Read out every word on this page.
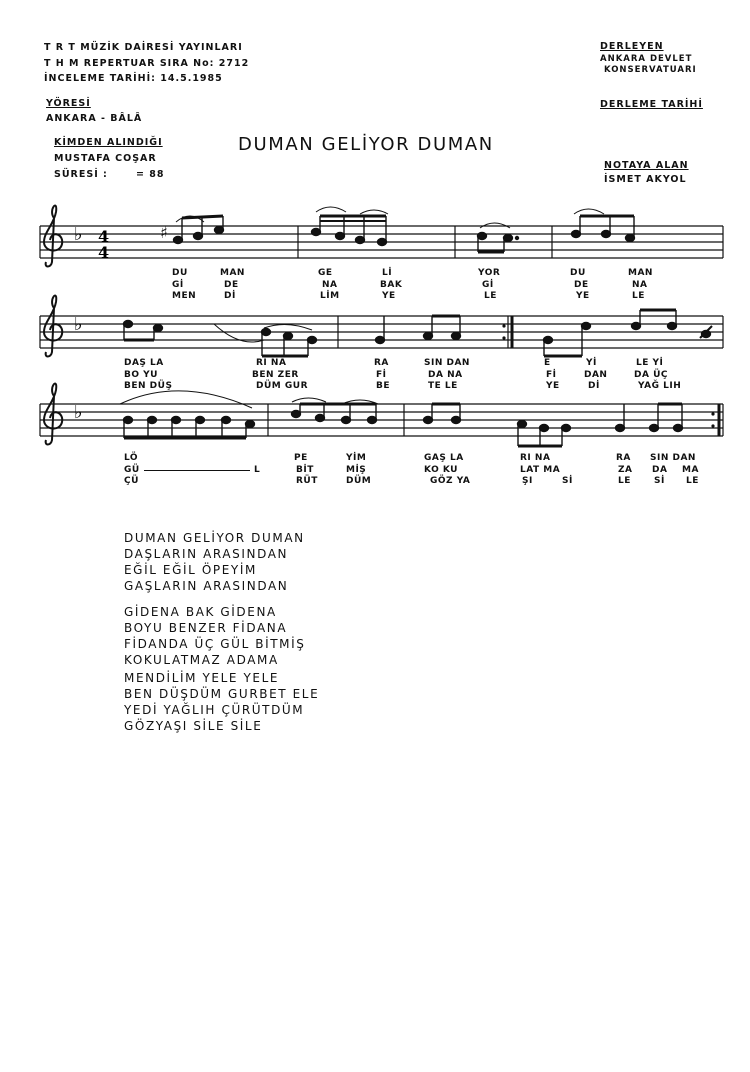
T R T MÜZİK DAİRESİ YAYINLARI
T H M REPERTUAR SIRA No: 2712
İNCELEME TARİHİ: 14.5.1985
YÖRESİ
ANKARA - BÂLÂ
KİMDEN ALINDIĞI
MUSTAFA COŞAR
SÜRESİ :	= 88
DERLEYEN
ANKARA DEVLET
KONSERVATUARI
DERLEME TARİHİ
NOTAYA ALAN
İSMET AKYOL
DUMAN GELİYOR DUMAN
♭ 4
4
♯
♭
♭
DU	MAN	GE	Lİ	YOR	DU	MAN
Gİ	DE	NA	BAK	Gİ	DE	NA
MEN	Dİ	LİM	YE	LE	YE	LE
DAŞ LA	RI NA	RA	SIN DAN	E	Yİ	LE Yİ
BO YU	BEN ZER	Fİ	DA NA	Fİ	DAN	DA ÜÇ
BEN DÜŞ	DÜM GUR	BE	TE LE	YE	Dİ	YAĞ LIH
LÖ	PE	YİM	GAŞ LA	RI NA	RA SIN DAN
GÜ	L	BİT	MİŞ	KO KU	LAT MA	ZA DA MA
ÇÜ	RÜT	DÜM	GÖZ YA	ŞI	Sİ	LE	Sİ LE
DUMAN GELİYOR DUMAN
DAŞLARIN ARASINDAN
EĞİL EĞİL ÖPEYİM
GAŞLARIN ARASINDAN
GİDENA BAK GİDENA
BOYU BENZER FİDANA
FİDANDA ÜÇ GÜL BİTMİŞ
KOKULATMAZ ADAMA
MENDİLİM YELE YELE
BEN DÜŞDÜM GURBET ELE
YEDİ YAĞLIH ÇÜRÜTDÜM
GÖZYAŞI SİLE SİLE
